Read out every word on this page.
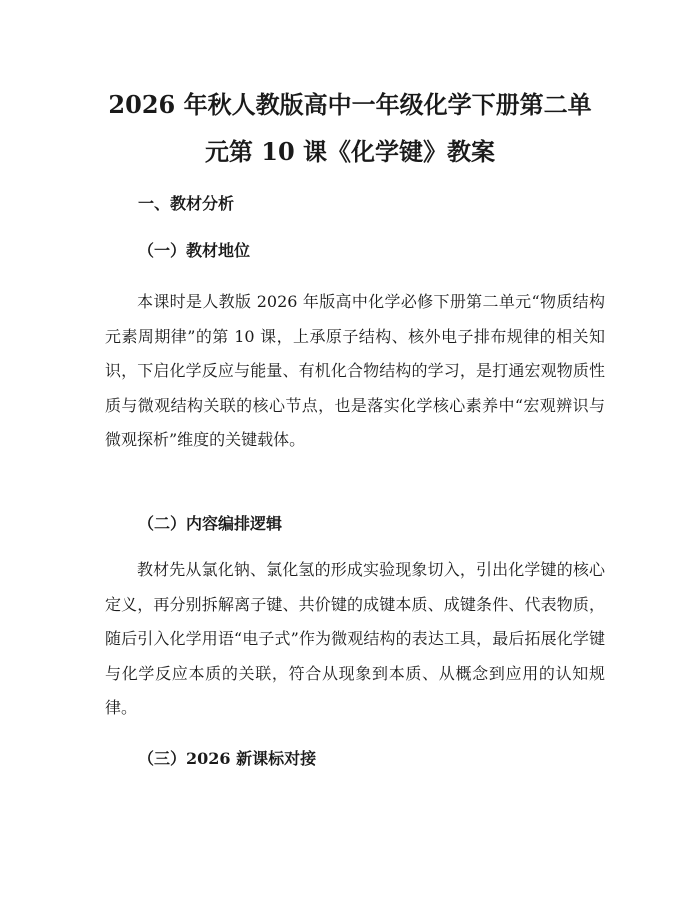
2026 年秋人教版高中一年级化学下册第二单
元第 10 课《化学键》教案
一、教材分析
（一）教材地位

本课时是人教版 2026 年版高中化学必修下册第二单元“物质结构 元素周期律”的第 10 课，上承原子结构、核外电子排布规律的相关知识，下启化学反应与能量、有机化合物结构的学习，是打通宏观物质性质与微观结构关联的核心节点，也是落实化学核心素养中“宏观辨识与微观探析”维度的关键载体。

（二）内容编排逻辑

教材先从氯化钠、氯化氢的形成实验现象切入，引出化学键的核心定义，再分别拆解离子键、共价键的成键本质、成键条件、代表物质，随后引入化学用语“电子式”作为微观结构的表达工具，最后拓展化学键与化学反应本质的关联，符合从现象到本质、从概念到应用的认知规律。

（三）2026 新课标对接
